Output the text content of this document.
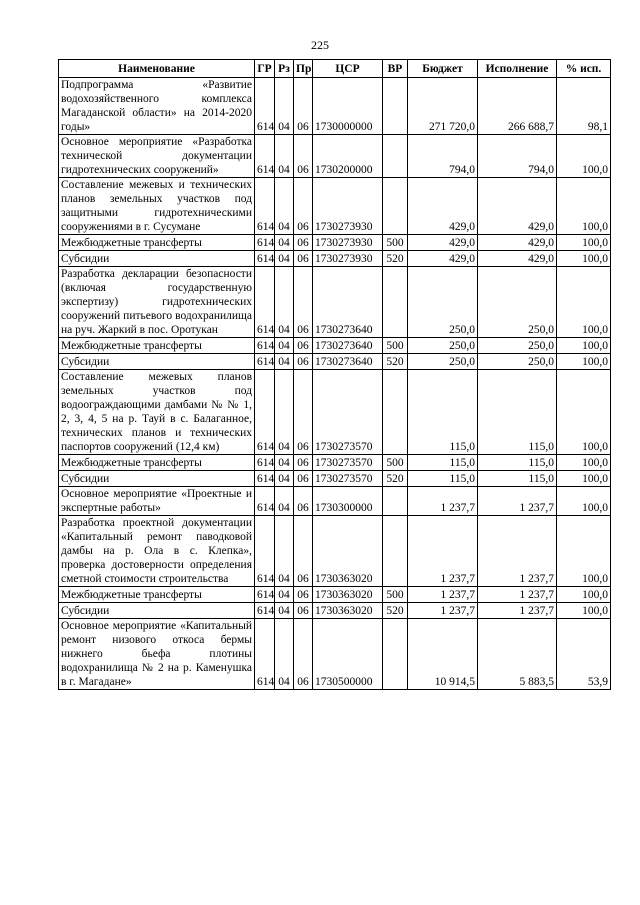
225
Наименование	ГР	Рз	Пр	ЦСР	ВР	Бюджет	Исполнение	% исп.
Подпрограмма «Развитие водохозяйственного комплекса Магаданской области» на 2014-2020 годы»	614	04	06	1730000000		271 720,0	266 688,7	98,1
Основное мероприятие «Разработка технической документации гидротехнических сооружений»	614	04	06	1730200000		794,0	794,0	100,0
Составление межевых и технических планов земельных участков под защитными гидротехническими сооружениями в г. Сусумане	614	04	06	1730273930		429,0	429,0	100,0
Межбюджетные трансферты	614	04	06	1730273930	500	429,0	429,0	100,0
Субсидии	614	04	06	1730273930	520	429,0	429,0	100,0
Разработка декларации безопасности (включая государственную экспертизу) гидротехнических сооружений питьевого водохранилища на руч. Жаркий в пос. Оротукан	614	04	06	1730273640		250,0	250,0	100,0
Межбюджетные трансферты	614	04	06	1730273640	500	250,0	250,0	100,0
Субсидии	614	04	06	1730273640	520	250,0	250,0	100,0
Составление межевых планов земельных участков под водоограждающими дамбами № № 1, 2, 3, 4, 5 на р. Тауй в с. Балаганное, технических планов и технических паспортов сооружений (12,4 км)	614	04	06	1730273570		115,0	115,0	100,0
Межбюджетные трансферты	614	04	06	1730273570	500	115,0	115,0	100,0
Субсидии	614	04	06	1730273570	520	115,0	115,0	100,0
Основное мероприятие «Проектные и экспертные работы»	614	04	06	1730300000		1 237,7	1 237,7	100,0
Разработка проектной документации «Капитальный ремонт паводковой дамбы на р. Ола в с. Клепка», проверка достоверности определения сметной стоимости строительства	614	04	06	1730363020		1 237,7	1 237,7	100,0
Межбюджетные трансферты	614	04	06	1730363020	500	1 237,7	1 237,7	100,0
Субсидии	614	04	06	1730363020	520	1 237,7	1 237,7	100,0
Основное мероприятие «Капитальный ремонт низового откоса бермы нижнего бьефа плотины водохранилища № 2 на р. Каменушка в г. Магадане»	614	04	06	1730500000		10 914,5	5 883,5	53,9
